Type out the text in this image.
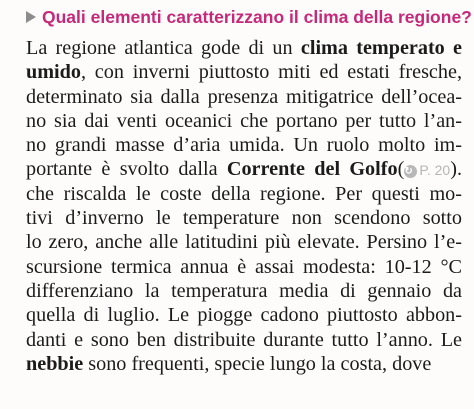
Quali elementi caratterizzano il clima della regione?
La regione atlantica gode di un clima temperato e
umido, con inverni piuttosto miti ed estati fresche,
determinato sia dalla presenza mitigatrice dell’ocea-
no sia dai venti oceanici che portano per tutto l’an-
no grandi masse d’aria umida. Un ruolo molto im-
portante è svolto dalla Corrente del Golfo(↻ P. 20).
che riscalda le coste della regione. Per questi mo-
tivi d’inverno le temperature non scendono sotto
lo zero, anche alle latitudini più elevate. Persino l’e-
scursione termica annua è assai modesta: 10-12 °C
differenziano la temperatura media di gennaio da
quella di luglio. Le piogge cadono piuttosto abbon-
danti e sono ben distribuite durante tutto l’anno. Le
nebbie sono frequenti, specie lungo la costa, dove
